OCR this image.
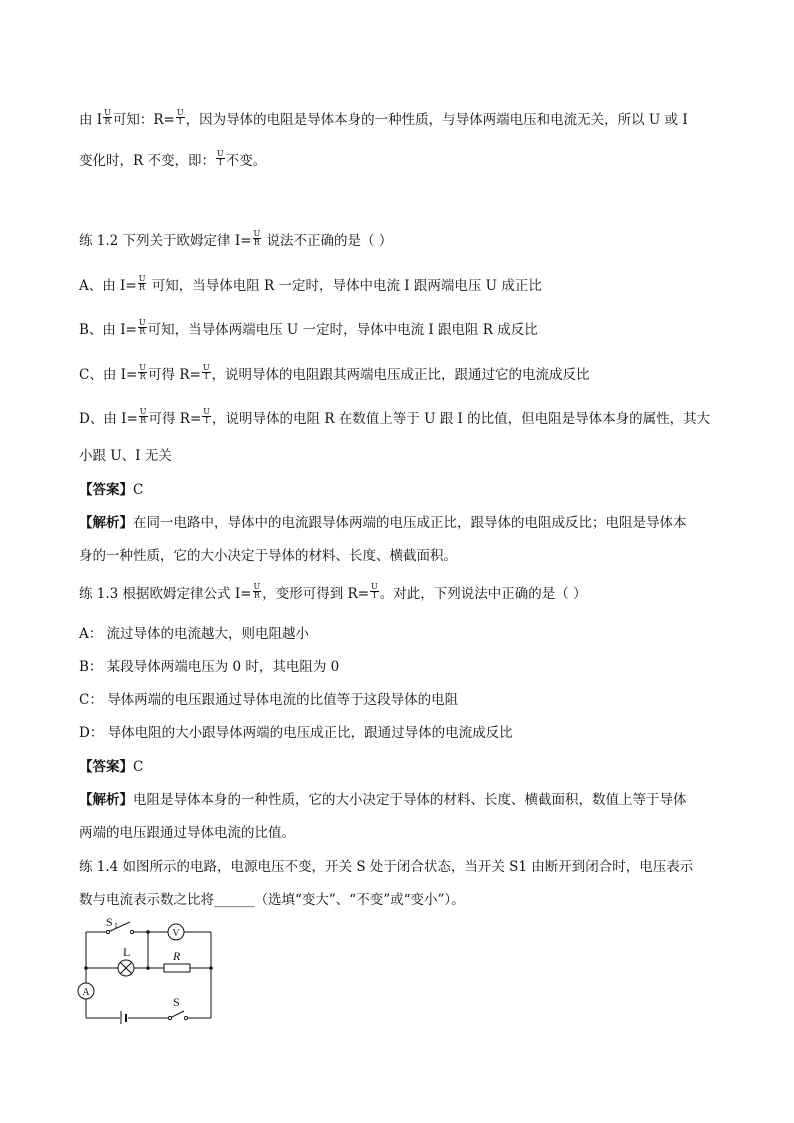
由 I $\frac{U}{R}$ 可知：$R= \frac{U}{I}$ ，因为导体的电阻是导体本身的一种性质，与导体两端电压和电流无关，所以 U 或 I
变化时，R 不变，即： $\frac{U}{I}$ 不变。
练 1.2 下列关于欧姆定律 $I= \frac{U}{R}$ 说法不正确的是（ ）
A、由 $I= \frac{U}{R}$ 可知，当导体电阻 R 一定时，导体中电流 I 跟两端电压 U 成正比
B、由 $I= \frac{U}{R}$ 可知，当导体两端电压 U 一定时，导体中电流 I 跟电阻 R 成反比
C、由 $I= \frac{U}{R}$ 可得 $R= \frac{U}{I}$ ，说明导体的电阻跟其两端电压成正比，跟通过它的电流成反比
D、由 $I= \frac{U}{R}$ 可得 $R= \frac{U}{I}$ ，说明导体的电阻 R 在数值上等于 U 跟 I 的比值，但电阻是导体本身的属性，其大
小跟 U、I 无关
【答案】C
【解析】在同一电路中，导体中的电流跟导体两端的电压成正比，跟导体的电阻成反比；电阻是导体本
身的一种性质，它的大小决定于导体的材料、长度、横截面积。
练 1.3 根据欧姆定律公式 $I= \frac{U}{R}$ ，变形可得到 $R= \frac{U}{I}$ 。对此，下列说法中正确的是（ ）
A： 流过导体的电流越大，则电阻越小
B： 某段导体两端电压为 0 时，其电阻为 0
C： 导体两端的电压跟通过导体电流的比值等于这段导体的电阻
D： 导体电阻的大小跟导体两端的电压成正比，跟通过导体的电流成反比
【答案】C
【解析】电阻是导体本身的一种性质，它的大小决定于导体的材料、长度、横截面积，数值上等于导体
两端的电压跟通过导体电流的比值。
练 1.4 如图所示的电路，电源电压不变，开关 S 处于闭合状态，当开关 S1 由断开到闭合时，电压表示
数与电流表示数之比将______（选填“变大”、“不变”或“变小”）。
V
L	R
A
S 1
S
